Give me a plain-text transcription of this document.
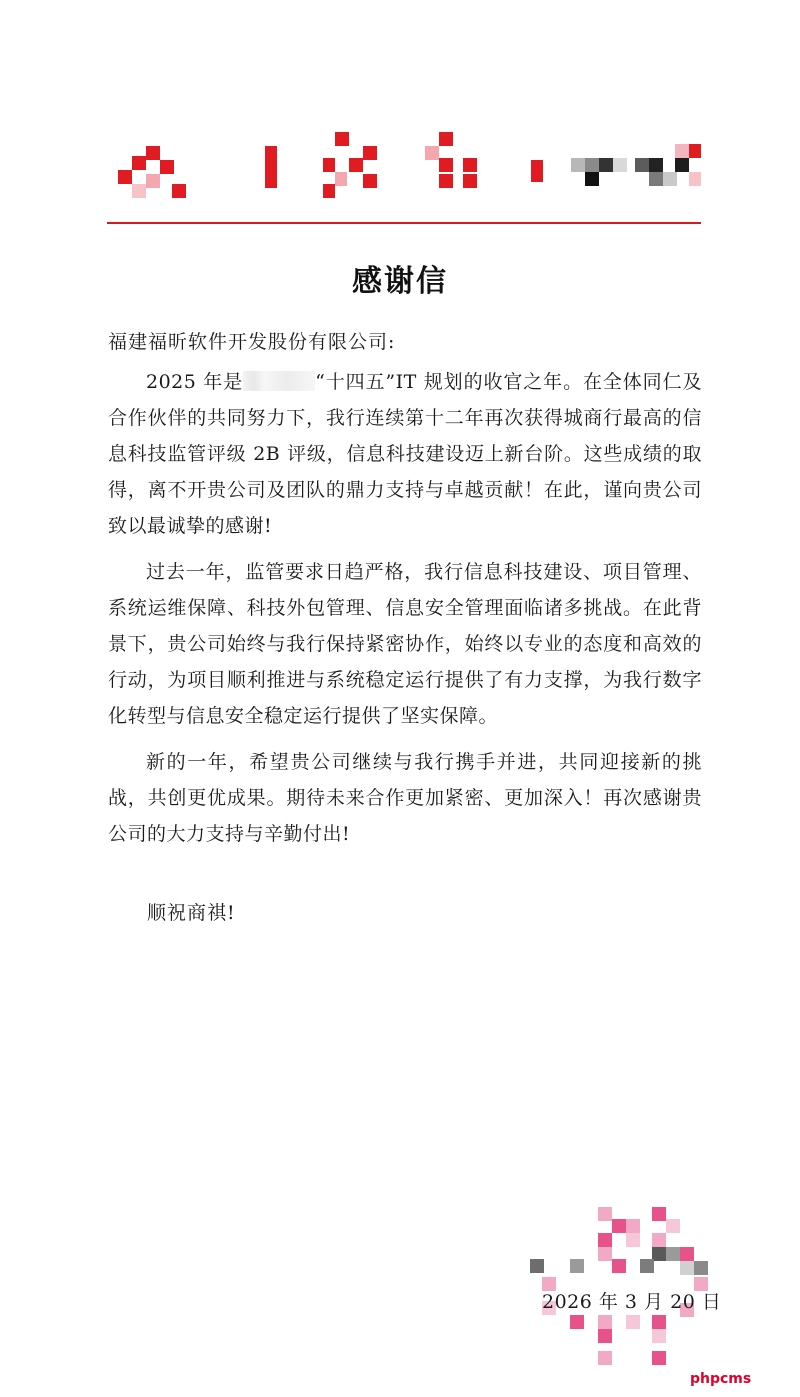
感谢信
福建福昕软件开发股份有限公司:

2025 年是	“十四五”IT 规划的收官之年。在全体同仁及合作伙伴的共同努力下，我行连续第十二年再次获得城商行最高的信息科技监管评级 2B 评级，信息科技建设迈上新台阶。这些成绩的取得，离不开贵公司及团队的鼎力支持与卓越贡献！在此，谨向贵公司致以最诚挚的感谢!

过去一年，监管要求日趋严格，我行信息科技建设、项目管理、系统运维保障、科技外包管理、信息安全管理面临诸多挑战。在此背景下，贵公司始终与我行保持紧密协作，始终以专业的态度和高效的行动，为项目顺利推进与系统稳定运行提供了有力支撑，为我行数字化转型与信息安全稳定运行提供了坚实保障。

新的一年，希望贵公司继续与我行携手并进，共同迎接新的挑战，共创更优成果。期待未来合作更加紧密、更加深入！再次感谢贵公司的大力支持与辛勤付出!

顺祝商祺!
2026 年 3 月 20 日
phpcms
